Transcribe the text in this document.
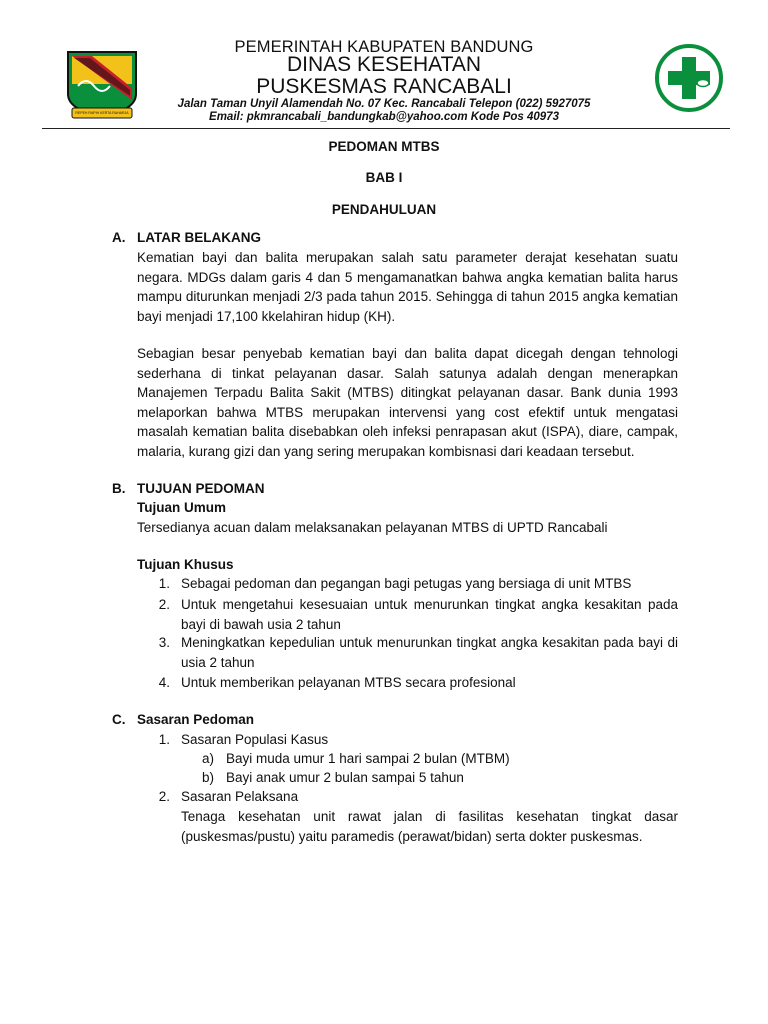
REPEH RAPIH KERTA RAHARJA
PEMERINTAH KABUPATEN BANDUNG
DINAS KESEHATAN
PUSKESMAS RANCABALI
Jalan Taman Unyil Alamendah No. 07 Kec. Rancabali Telepon (022) 5927075
Email: pkmrancabali_bandungkab@yahoo.com Kode Pos 40973
PEDOMAN MTBS
BAB I
PENDAHULUAN
A. LATAR BELAKANG
Kematian bayi dan balita merupakan salah satu parameter derajat kesehatan suatu
negara. MDGs dalam garis 4 dan 5 mengamanatkan bahwa angka kematian balita harus
mampu diturunkan menjadi 2/3 pada tahun 2015. Sehingga di tahun 2015 angka kematian
bayi menjadi 17,100 kkelahiran hidup (KH).
Sebagian besar penyebab kematian bayi dan balita dapat dicegah dengan tehnologi
sederhana di tinkat pelayanan dasar. Salah satunya adalah dengan menerapkan
Manajemen Terpadu Balita Sakit (MTBS) ditingkat pelayanan dasar. Bank dunia 1993
melaporkan bahwa MTBS merupakan intervensi yang cost efektif untuk mengatasi
masalah kematian balita disebabkan oleh infeksi penrapasan akut (ISPA), diare, campak,
malaria, kurang gizi dan yang sering merupakan kombisnasi dari keadaan tersebut.
B. TUJUAN PEDOMAN
Tujuan Umum
Tersedianya acuan dalam melaksanakan pelayanan MTBS di UPTD Rancabali
Tujuan Khusus
1. Sebagai pedoman dan pegangan bagi petugas yang bersiaga di unit MTBS
2. Untuk mengetahui kesesuaian untuk menurunkan tingkat angka kesakitan pada
bayi di bawah usia 2 tahun
3. Meningkatkan kepedulian untuk menurunkan tingkat angka kesakitan pada bayi di
usia 2 tahun
4. Untuk memberikan pelayanan MTBS secara profesional
C. Sasaran Pedoman
1. Sasaran Populasi Kasus
a) Bayi muda umur 1 hari sampai 2 bulan (MTBM)
b) Bayi anak umur 2 bulan sampai 5 tahun
2. Sasaran Pelaksana
Tenaga kesehatan unit rawat jalan di fasilitas kesehatan tingkat dasar
(puskesmas/pustu) yaitu paramedis (perawat/bidan) serta dokter puskesmas.
